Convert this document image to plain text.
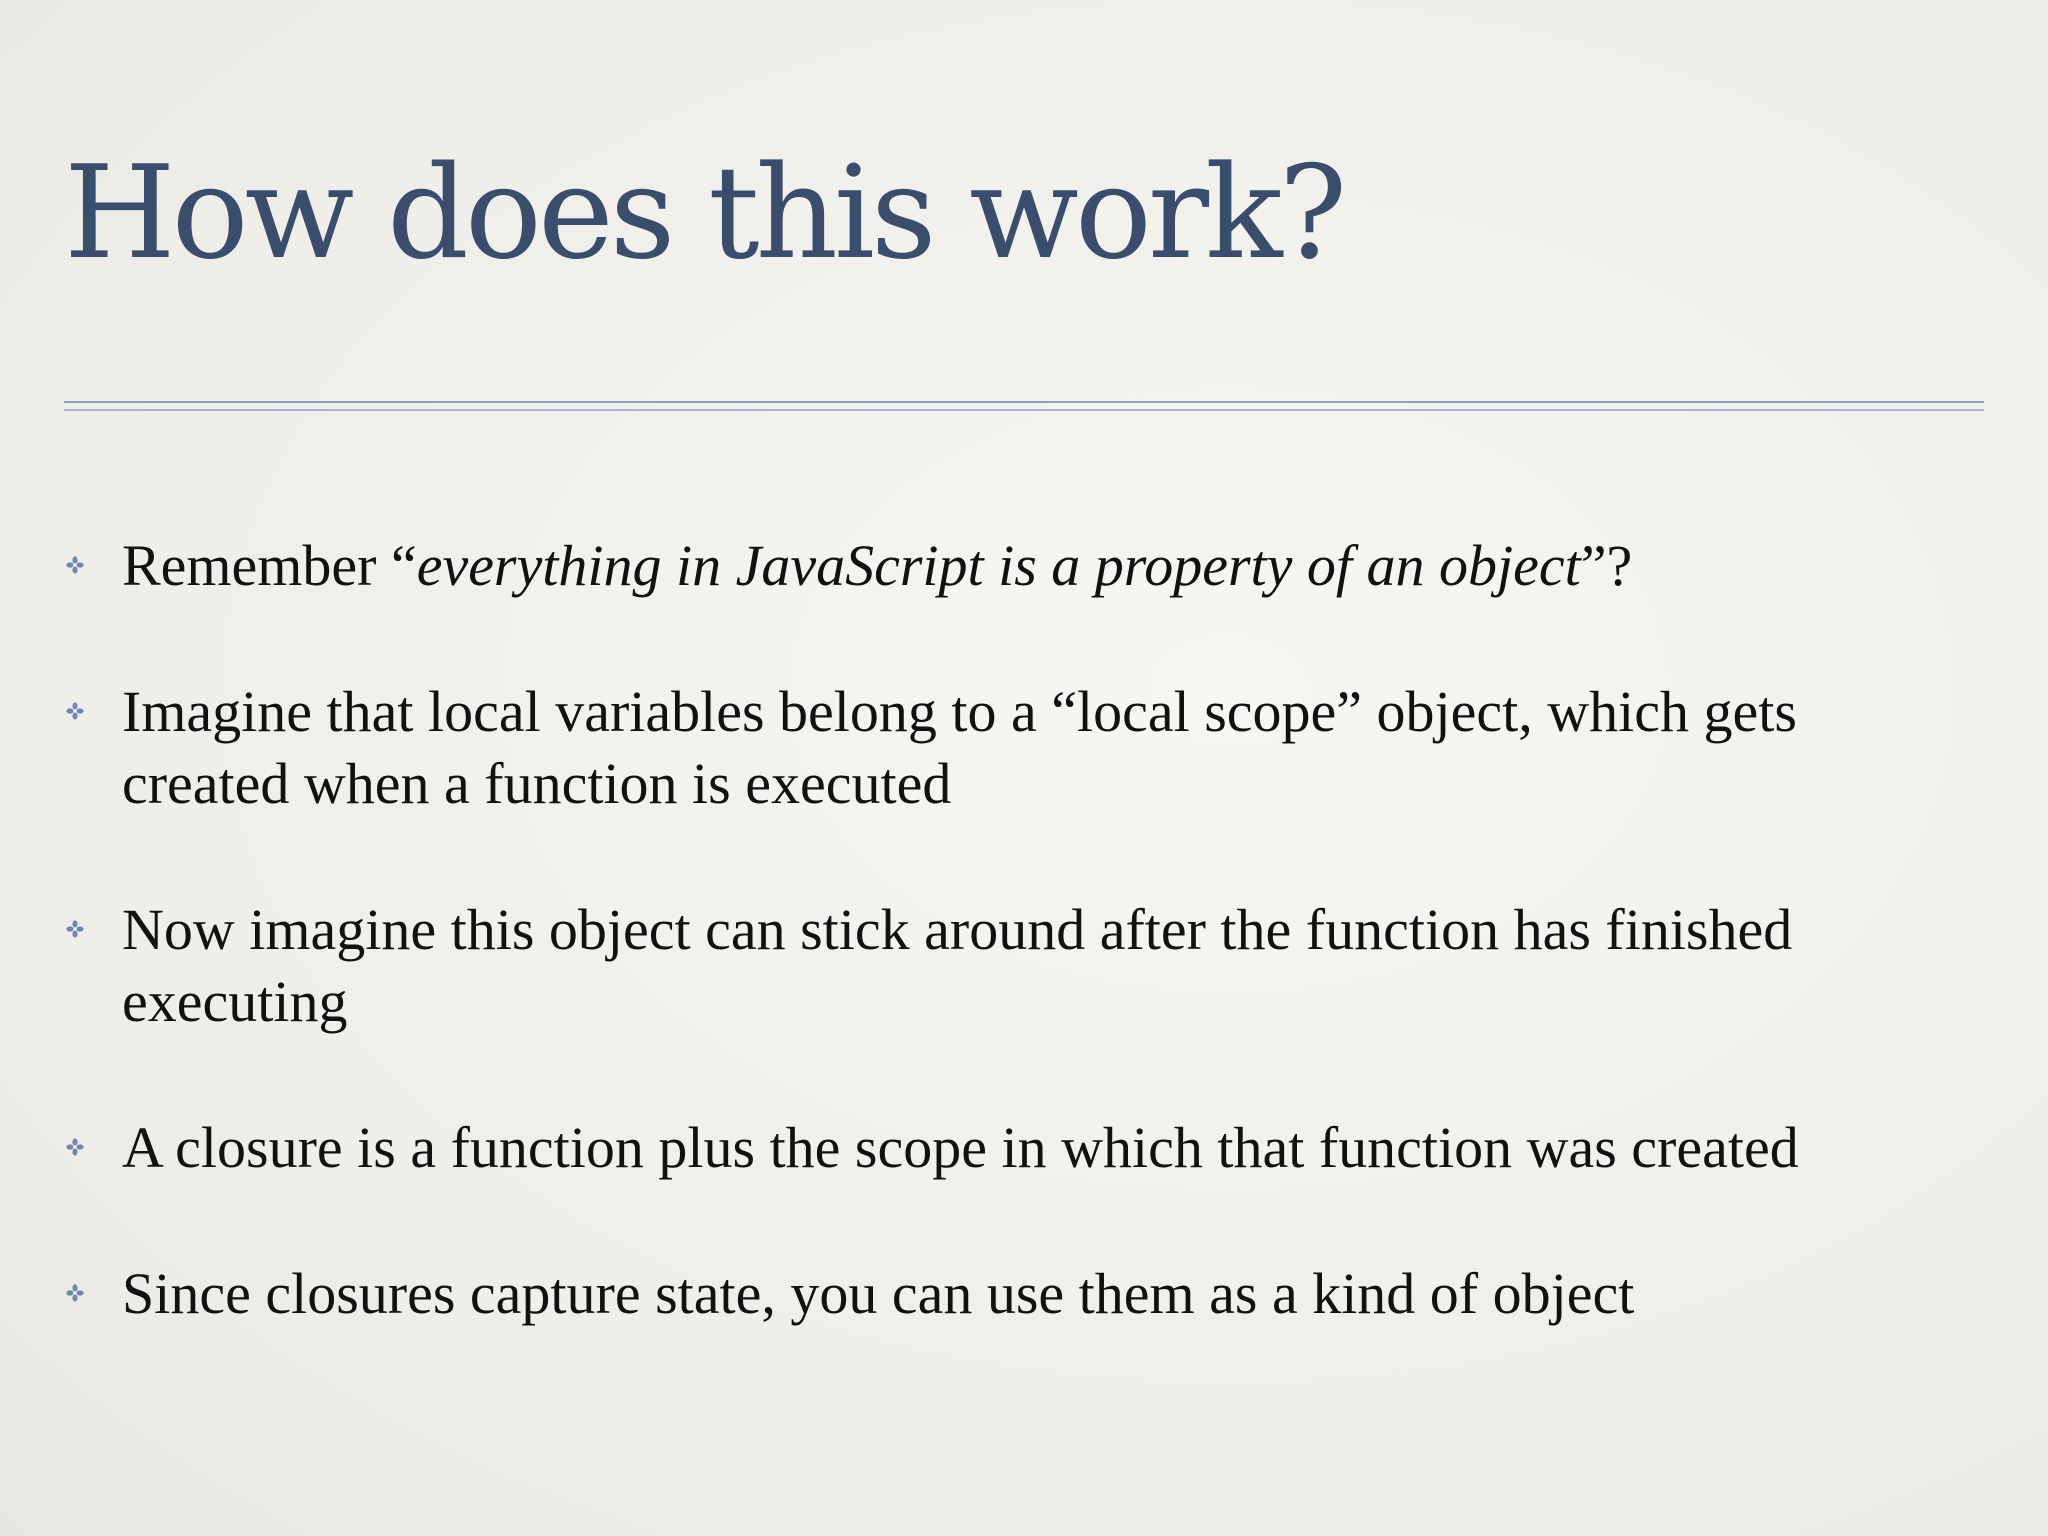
How does this work?
Remember “everything in JavaScript is a property of an object”?
Imagine that local variables belong to a “local scope” object, which gets created when a function is executed
Now imagine this object can stick around after the function has finished executing
A closure is a function plus the scope in which that function was created
Since closures capture state, you can use them as a kind of object
